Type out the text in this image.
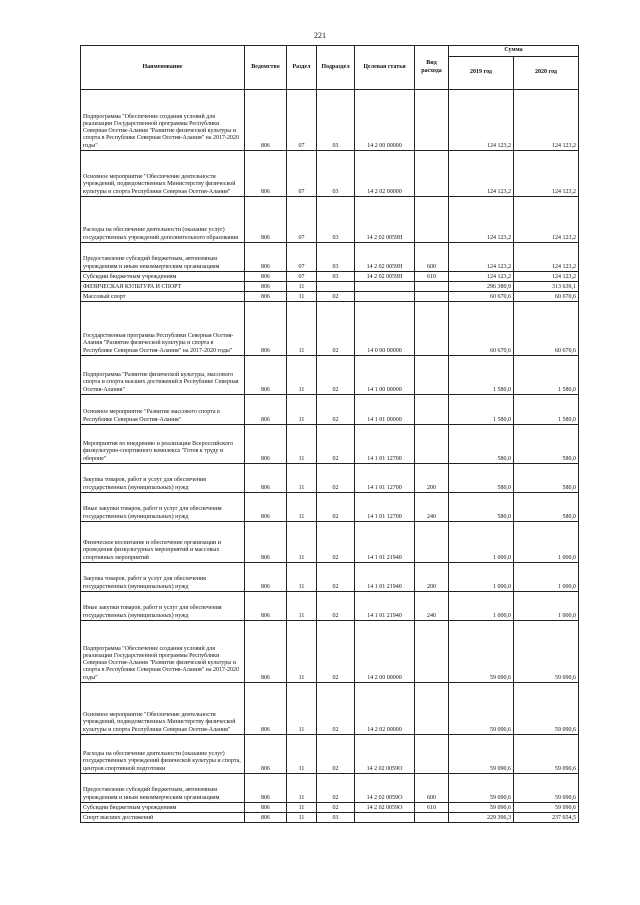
221
Наименование	Ведомство	Раздел	Подраздел	Целевая статья	Вид расхода	Сумма	
						2019 год	2020 год
Подпрограмма "Обеспечение создания условий для реализации Государственной программы Республики Северная Осетия-Алания "Развитие физической культуры и спорта в Республике Северная Осетия-Алания" на 2017-2020 годы"	806	07	03	14 2 00 00000		124 123,2	124 123,2
Основное мероприятие "Обеспечение деятельности учреждений, подведомственных Министерству физической культуры и спорта Республики Северная Осетия-Алания"	806	07	03	14 2 02 00000		124 123,2	124 123,2
Расходы на обеспечение деятельности (оказание услуг) государственных учреждений дополнительного образования	806	07	03	14 2 02 0059Н		124 123,2	124 123,2
Предоставление субсидий бюджетным, автономным учреждениям и иным некоммерческим организациям	806	07	03	14 2 02 0059Н	600	124 123,2	124 123,2
Субсидии бюджетным учреждениям	806	07	03	14 2 02 0059Н	610	124 123,2	124 123,2
ФИЗИЧЕСКАЯ КУЛЬТУРА И СПОРТ	806	11				296 380,9	313 639,1
Массовый спорт	806	11	02			60 670,6	60 670,6
Государственная программа Республики Северная Осетия-Алания "Развитие физической культуры и спорта в Республике Северная Осетия-Алания" на 2017-2020 годы"	806	11	02	14 0 00 00000		60 670,6	60 670,6
Подпрограмма "Развитие физической культуры, массового спорта и спорта высших достижений в Республике Северная Осетия-Алания"	806	11	02	14 1 00 00000		1 580,0	1 580,0
Основное мероприятие "Развитие массового спорта в Республике Северная Осетия-Алания"	806	11	02	14 1 01 00000		1 580,0	1 580,0
Мероприятия по внедрению и реализации Всероссийского физкультурно-спортивного комплекса "Готов к труду и обороне"	806	11	02	14 1 01 12700		580,0	580,0
Закупка товаров, работ и услуг для обеспечения государственных (муниципальных) нужд	806	11	02	14 1 01 12700	200	580,0	580,0
Иные закупки товаров, работ и услуг для обеспечения государственных (муниципальных) нужд	806	11	02	14 1 01 12700	240	580,0	580,0
Физическое воспитание и обеспечение организации и проведения физкультурных мероприятий и массовых спортивных мероприятий	806	11	02	14 1 01 21940		1 000,0	1 000,0
Закупка товаров, работ и услуг для обеспечения государственных (муниципальных) нужд	806	11	02	14 1 01 21940	200	1 000,0	1 000,0
Иные закупки товаров, работ и услуг для обеспечения государственных (муниципальных) нужд	806	11	02	14 1 01 21940	240	1 000,0	1 000,0
Подпрограмма "Обеспечение создания условий для реализации Государственной программы Республики Северная Осетия-Алания "Развитие физической культуры и спорта в Республике Северная Осетия-Алания" на 2017-2020 годы"	806	11	02	14 2 00 00000		59 090,6	59 090,6
Основное мероприятие "Обеспечение деятельности учреждений, подведомственных Министерству физической культуры и спорта Республики Северная Осетия-Алания"	806	11	02	14 2 02 00000		59 090,6	59 090,6
Расходы на обеспечение деятельности (оказание услуг) государственных учреждений физической культуры и спорта, центров спортивной подготовки	806	11	02	14 2 02 0059О		59 090,6	59 090,6
Предоставление субсидий бюджетным, автономным учреждениям и иным некоммерческим организациям	806	11	02	14 2 02 0059О	600	59 090,6	59 090,6
Субсидии бюджетным учреждениям	806	11	02	14 2 02 0059О	610	59 090,6	59 090,6
Спорт высших достижений	806	11	03			229 396,3	237 654,5
